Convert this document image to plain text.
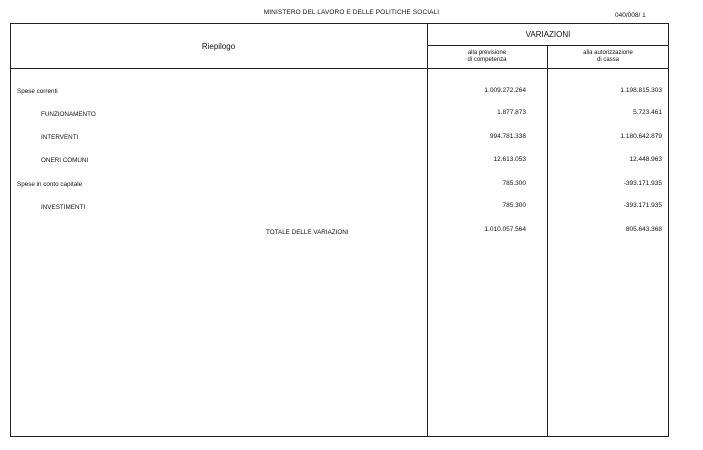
MINISTERO DEL LAVORO E DELLE POLITICHE SOCIALI	040/008/ 1
Riepilogo
VARIAZIONI
alla previsione
di competenza
alla autorizzazione
di cassa
Spese correnti	1.009.272.264	1.198.815.303
FUNZIONAMENTO	1.877.873	5.723.461
INTERVENTI	994.781.338	1.180.642.879
ONERI COMUNI	12.613.053	12.448.963
Spese in conto capitale	785.300	-393.171.935
INVESTIMENTI	785.300	-393.171.935
TOTALE DELLE VARIAZIONI	1.010.057.564	805.643.368
